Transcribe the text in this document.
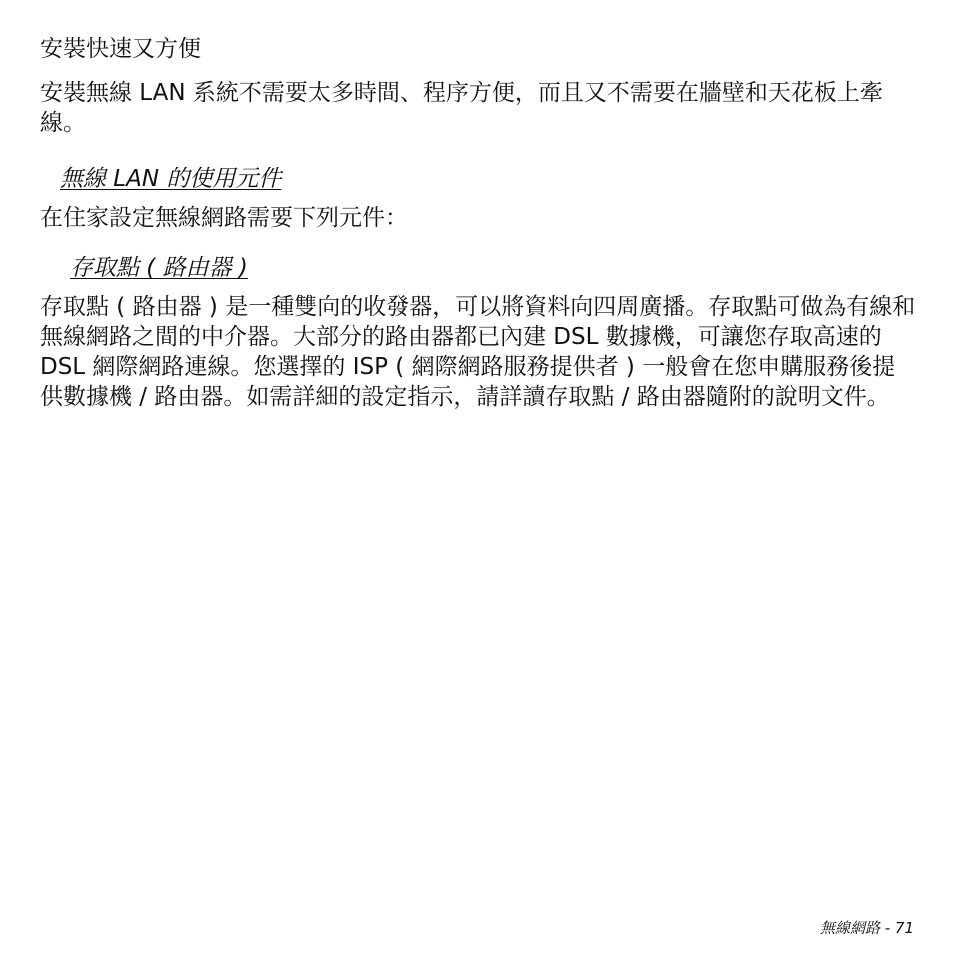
安裝快速又方便

安裝無線 LAN 系統不需要太多時間、程序方便，而且又不需要在牆壁和天花板上牽線。

無線 LAN 的使用元件

在住家設定無線網路需要下列元件：

存取點 ( 路由器 )

存取點 ( 路由器 ) 是一種雙向的收發器，可以將資料向四周廣播。存取點可做為有線和無線網路之間的中介器。大部分的路由器都已內建 DSL 數據機，可讓您存取高速的 DSL 網際網路連線。您選擇的 ISP ( 網際網路服務提供者 ) 一般會在您申購服務後提供數據機 / 路由器。如需詳細的設定指示，請詳讀存取點 / 路由器隨附的說明文件。

無線網路 - 71
